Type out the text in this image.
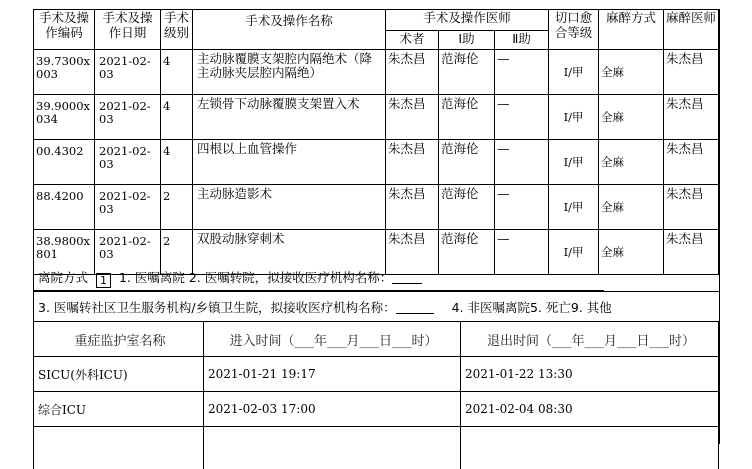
手术及操作编码	手术及操作日期	手术级别	手术及操作名称	手术及操作医师			切口愈合等级	麻醉方式	麻醉医师
				术者	Ⅰ助	Ⅱ助			
39.7300x003	2021-02-03	4	主动脉覆膜支架腔内隔绝术（降主动脉夹层腔内隔绝）	朱杰昌	范海伦	—	Ⅰ/甲	全麻	朱杰昌
39.9000x034	2021-02-03	4	左锁骨下动脉覆膜支架置入术	朱杰昌	范海伦	—	Ⅰ/甲	全麻	朱杰昌
00.4302	2021-02-03	4	四根以上血管操作	朱杰昌	范海伦	—	Ⅰ/甲	全麻	朱杰昌
88.4200	2021-02-03	2	主动脉造影术	朱杰昌	范海伦	—	Ⅰ/甲	全麻	朱杰昌
38.9800x801	2021-02-03	2	双股动脉穿刺术	朱杰昌	范海伦	—	Ⅰ/甲	全麻	朱杰昌
离院方式 1 1. 医嘱离院 2. 医嘱转院，拟接收医疗机构名称：
3. 医嘱转社区卫生服务机构/乡镇卫生院，拟接收医疗机构名称：	4. 非医嘱离院5. 死亡9. 其他
重症监护室名称	进入时间（___年___月___日___时）	退出时间（___年___月___日___时）
SICU(外科ICU)	2021-01-21 19:17	2021-01-22 13:30
综合ICU	2021-02-03 17:00	2021-02-04 08:30
